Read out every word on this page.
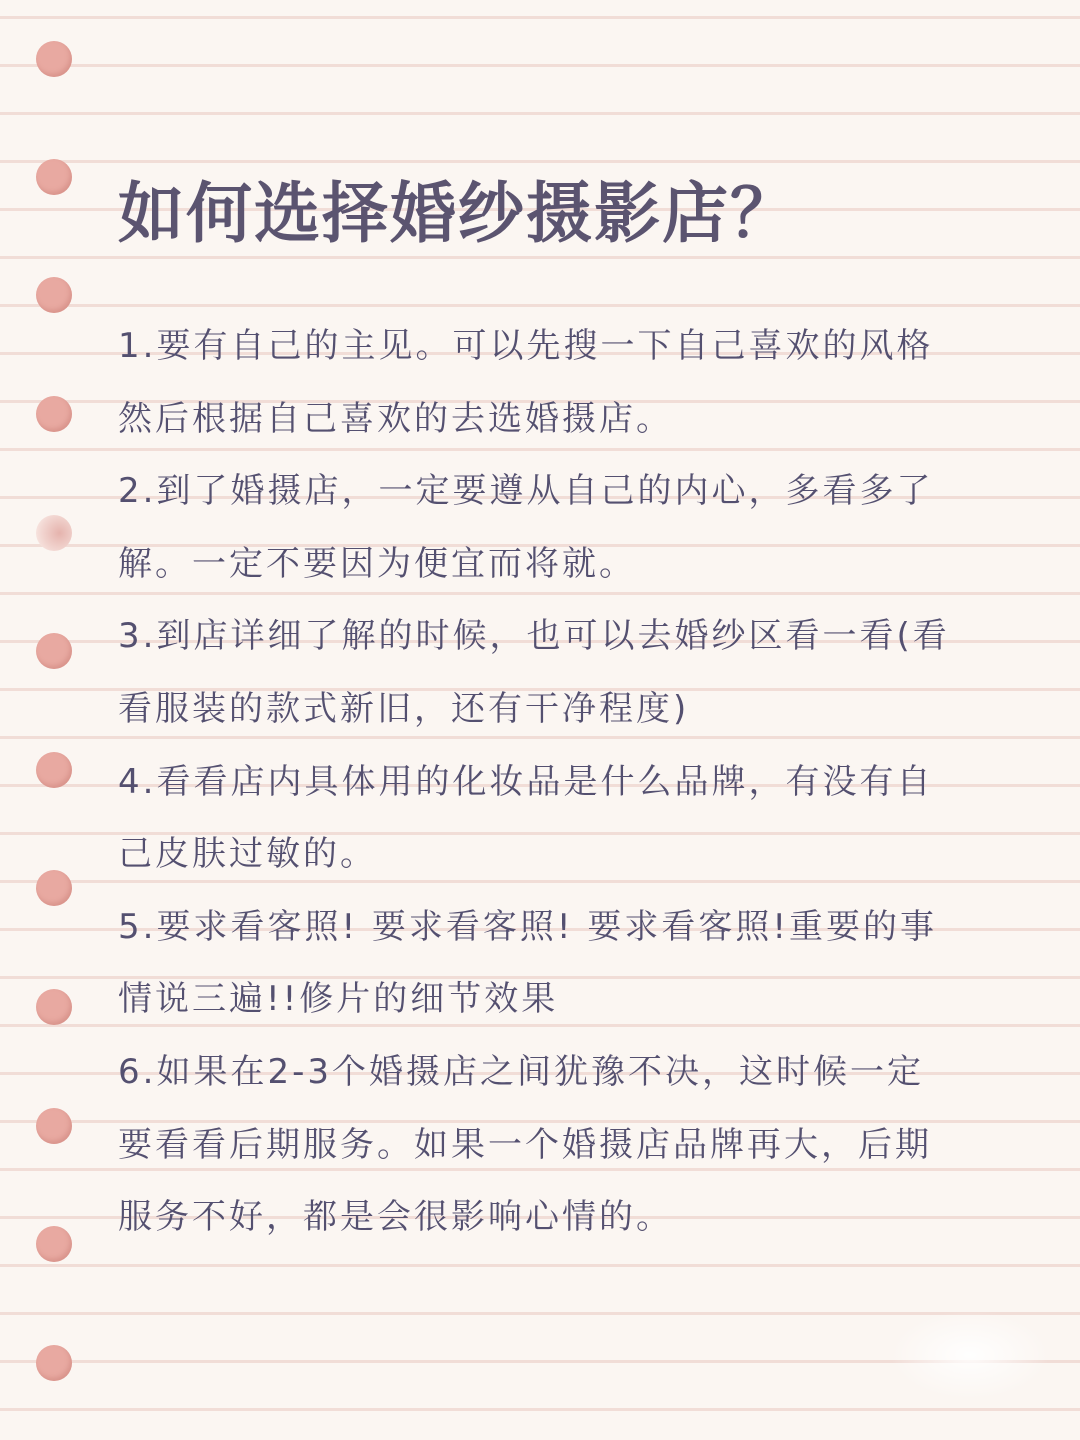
如何选择婚纱摄影店？
1.要有自己的主见。可以先搜一下自己喜欢的风格
然后根据自己喜欢的去选婚摄店。
2.到了婚摄店，一定要遵从自己的内心，多看多了
解。一定不要因为便宜而将就。
3.到店详细了解的时候，也可以去婚纱区看一看(看
看服装的款式新旧，还有干净程度)
4.看看店内具体用的化妆品是什么品牌，有没有自
己皮肤过敏的。
5.要求看客照! 要求看客照! 要求看客照!重要的事
情说三遍!!修片的细节效果
6.如果在2-3个婚摄店之间犹豫不决，这时候一定
要看看后期服务。如果一个婚摄店品牌再大，后期
服务不好，都是会很影响心情的。
